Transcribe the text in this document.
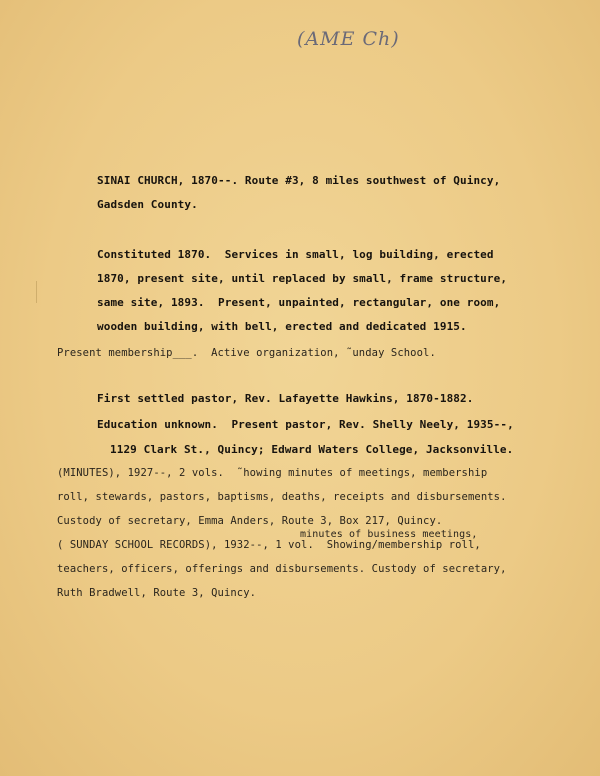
(AME Ch)
SINAI CHURCH, 1870--. Route #3, 8 miles southwest of Quincy,
Gadsden County.
Constituted 1870.  Services in small, log building, erected
1870, present site, until replaced by small, frame structure,
same site, 1893.  Present, unpainted, rectangular, one room,
wooden building, with bell, erected and dedicated 1915.
Present membership___.  Active organization, ˜unday School.
First settled pastor, Rev. Lafayette Hawkins, 1870-1882.
Education unknown.  Present pastor, Rev. Shelly Neely, 1935--,
1129 Clark St., Quincy; Edward Waters College, Jacksonville.
(MINUTES), 1927--, 2 vols.  ˜howing minutes of meetings, membership
roll, stewards, pastors, baptisms, deaths, receipts and disbursements.
Custody of secretary, Emma Anders, Route 3, Box 217, Quincy.
minutes of business meetings,
( SUNDAY SCHOOL RECORDS), 1932--, 1 vol.  Showing/membership roll,
teachers, officers, offerings and disbursements. Custody of secretary,
Ruth Bradwell, Route 3, Quincy.
